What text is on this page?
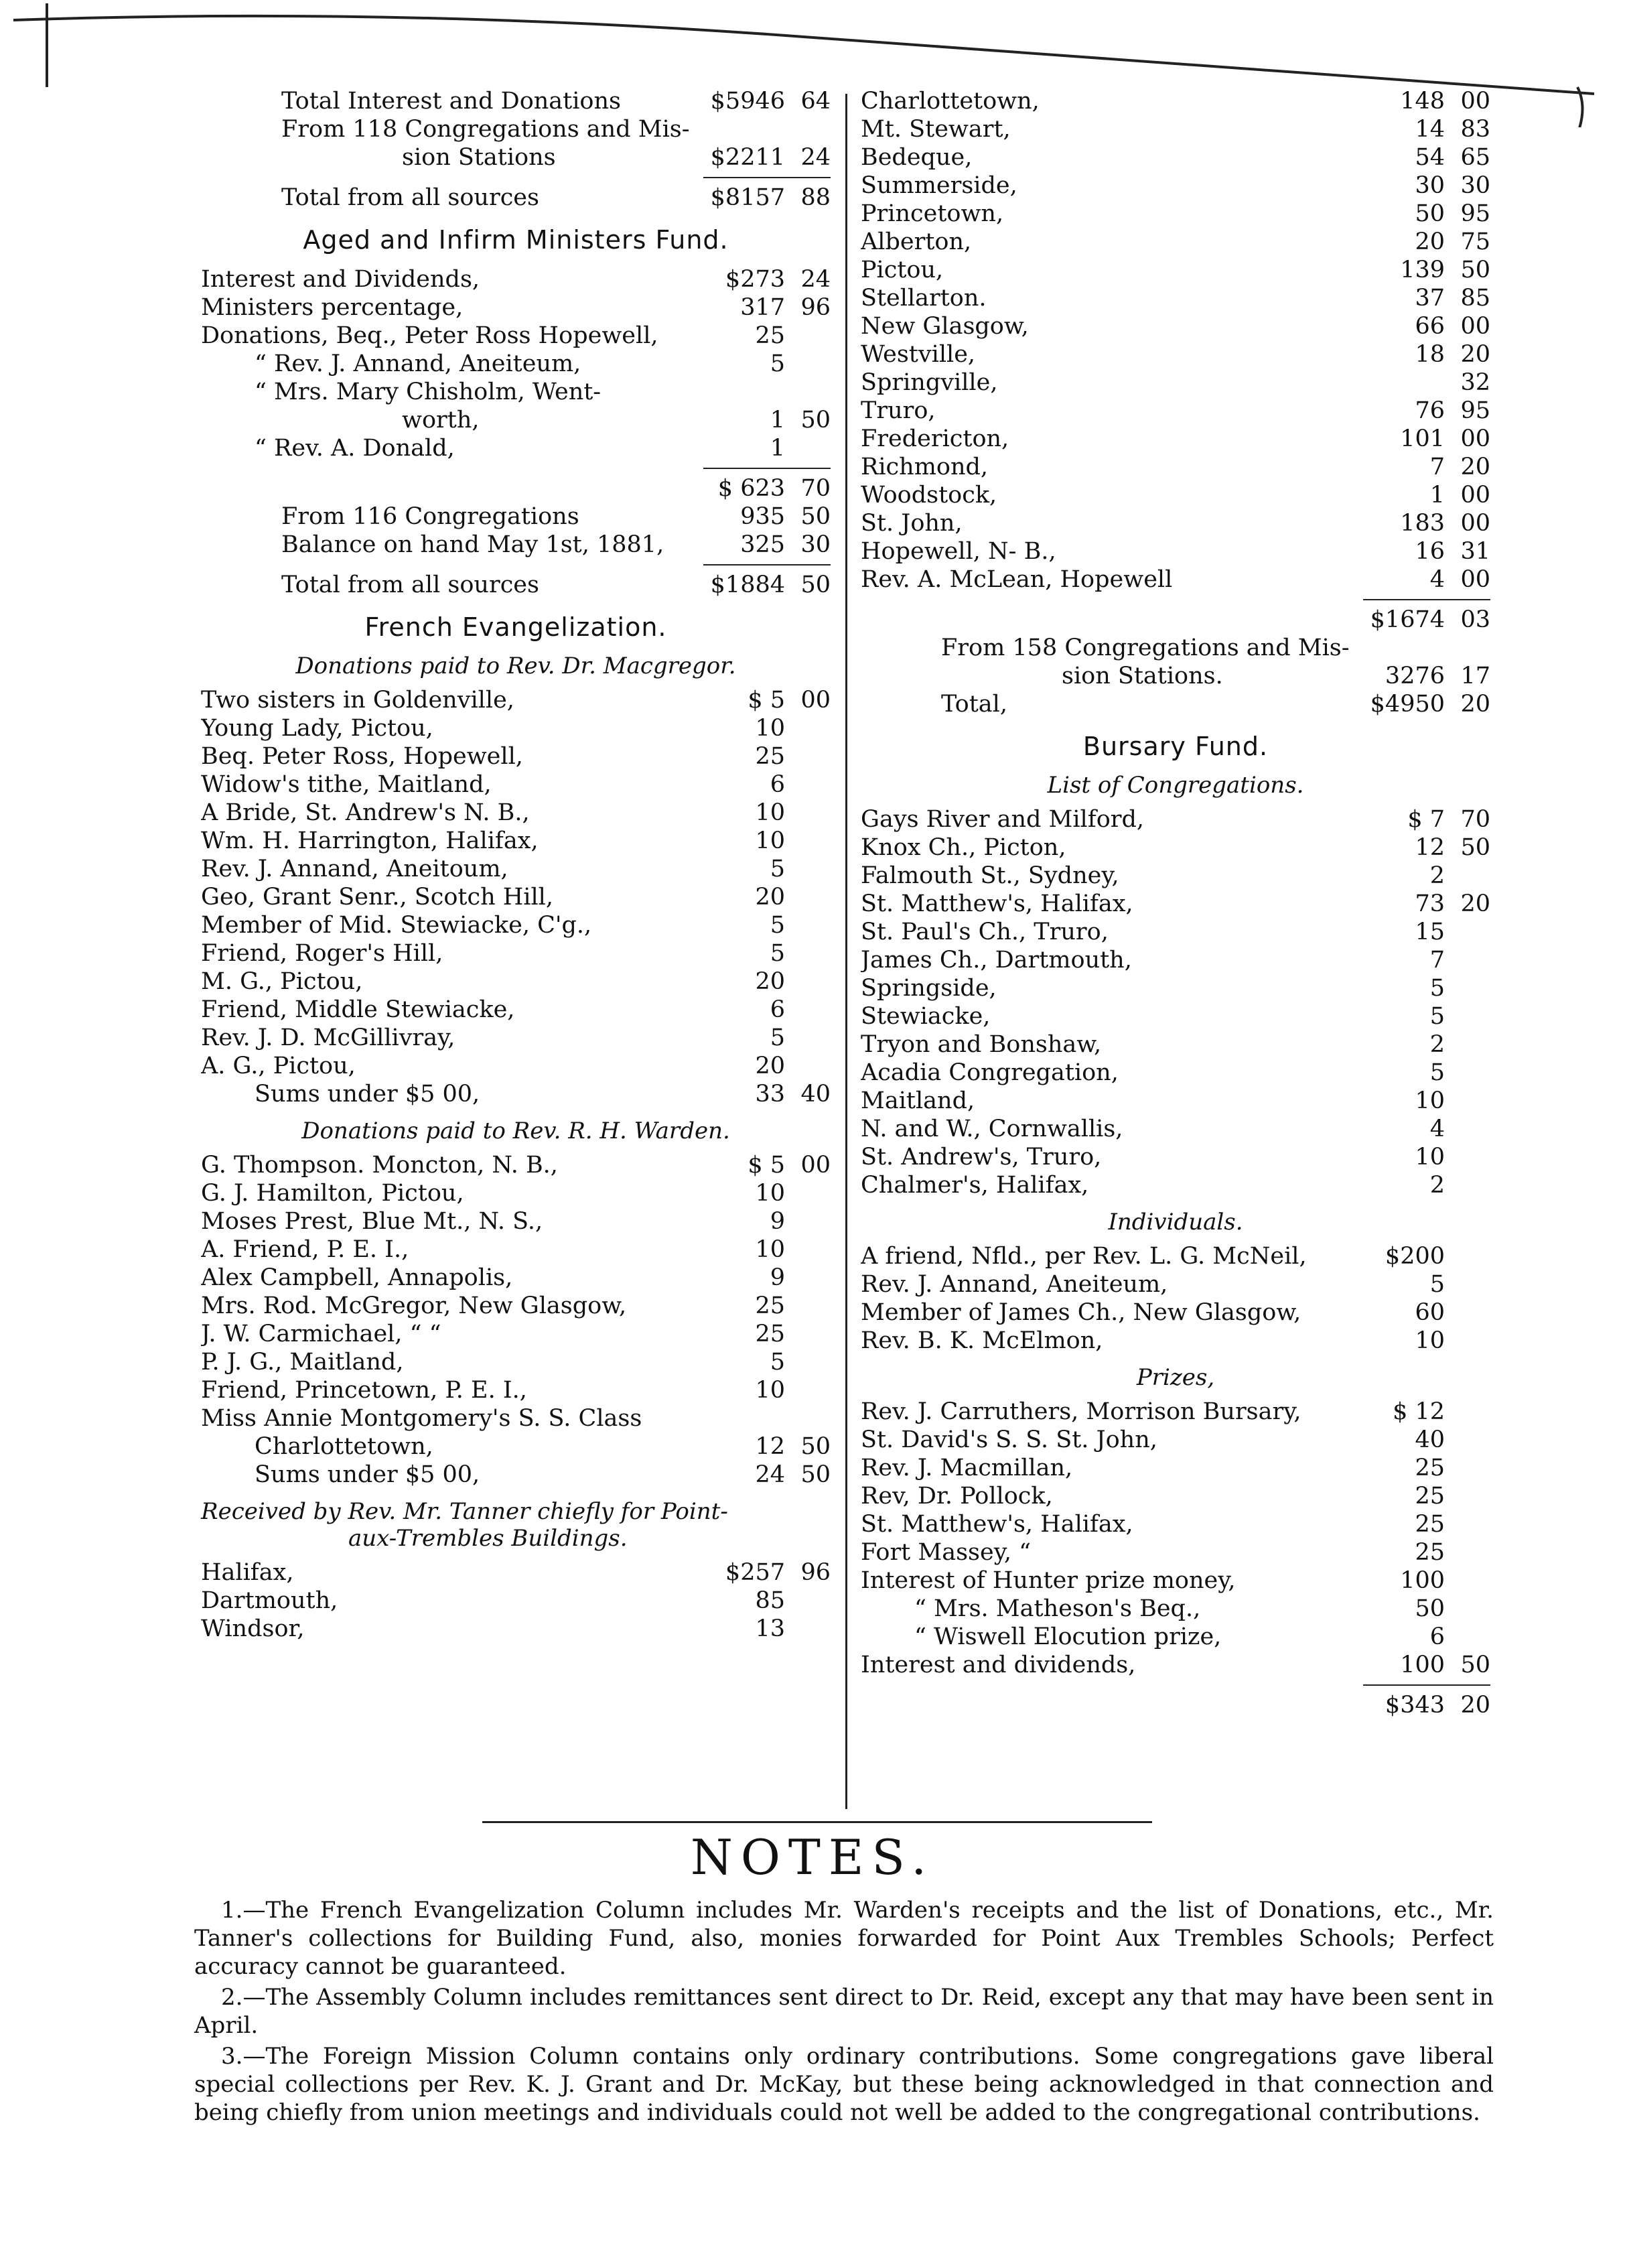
Total Interest and Donations	$5946 64
From 118 Congregations and Mis-
sion Stations	$2211 24
Total from all sources	$8157 88
Aged and Infirm Ministers Fund.
Interest and Dividends,	$273 24
Ministers percentage,	317 96
Donations, Beq., Peter Ross Hopewell,	25
“ Rev. J. Annand, Aneiteum,	5
“ Mrs. Mary Chisholm, Went-
worth,	1 50
“ Rev. A. Donald,	1
$ 623 70
From 116 Congregations	935 50
Balance on hand May 1st, 1881,	325 30
Total from all sources	$1884 50
French Evangelization.
Donations paid to Rev. Dr. Macgregor.
Two sisters in Goldenville,	$ 5 00
Young Lady, Pictou,	10
Beq. Peter Ross, Hopewell,	25
Widow's tithe, Maitland,	6
A Bride, St. Andrew's N. B.,	10
Wm. H. Harrington, Halifax,	10
Rev. J. Annand, Aneitoum,	5
Geo, Grant Senr., Scotch Hill,	20
Member of Mid. Stewiacke, C'g.,	5
Friend, Roger's Hill,	5
M. G., Pictou,	20
Friend, Middle Stewiacke,	6
Rev. J. D. McGillivray,	5
A. G., Pictou,	20
Sums under $5 00,	33 40
Donations paid to Rev. R. H. Warden.
G. Thompson. Moncton, N. B.,	$ 5 00
G. J. Hamilton, Pictou,	10
Moses Prest, Blue Mt., N. S.,	9
A. Friend, P. E. I.,	10
Alex Campbell, Annapolis,	9
Mrs. Rod. McGregor, New Glasgow,	25
J. W. Carmichael, “ “	25
P. J. G., Maitland,	5
Friend, Princetown, P. E. I.,	10
Miss Annie Montgomery's S. S. Class
Charlottetown,	12 50
Sums under $5 00,	24 50
Received by Rev. Mr. Tanner chiefly for Point-
aux-Trembles Buildings.
Halifax,	$257 96
Dartmouth,	85
Windsor,	13
Charlottetown,	148 00
Mt. Stewart,	14 83
Bedeque,	54 65
Summerside,	30 30
Princetown,	50 95
Alberton,	20 75
Pictou,	139 50
Stellarton.	37 85
New Glasgow,	66 00
Westville,	18 20
Springville,	32
Truro,	76 95
Fredericton,	101 00
Richmond,	7 20
Woodstock,	1 00
St. John,	183 00
Hopewell, N- B.,	16 31
Rev. A. McLean, Hopewell	4 00
$1674 03
From 158 Congregations and Mis-
sion Stations.	3276 17
Total,	$4950 20
Bursary Fund.
List of Congregations.
Gays River and Milford,	$ 7 70
Knox Ch., Picton,	12 50
Falmouth St., Sydney,	2
St. Matthew's, Halifax,	73 20
St. Paul's Ch., Truro,	15
James Ch., Dartmouth,	7
Springside,	5
Stewiacke,	5
Tryon and Bonshaw,	2
Acadia Congregation,	5
Maitland,	10
N. and W., Cornwallis,	4
St. Andrew's, Truro,	10
Chalmer's, Halifax,	2
Individuals.
A friend, Nfld., per Rev. L. G. McNeil,	$200
Rev. J. Annand, Aneiteum,	5
Member of James Ch., New Glasgow,	60
Rev. B. K. McElmon,	10
Prizes,
Rev. J. Carruthers, Morrison Bursary,	$ 12
St. David's S. S. St. John,	40
Rev. J. Macmillan,	25
Rev, Dr. Pollock,	25
St. Matthew's, Halifax,	25
Fort Massey, “	25
Interest of Hunter prize money,	100
“ Mrs. Matheson's Beq.,	50
“ Wiswell Elocution prize,	6
Interest and dividends,	100 50
$343 20
NOTES.

1.—The French Evangelization Column includes Mr. Warden's receipts and the list of Donations, etc., Mr. Tanner's collections for Building Fund, also, monies forwarded for Point Aux Trembles Schools; Perfect accuracy cannot be guaranteed.

2.—The Assembly Column includes remittances sent direct to Dr. Reid, except any that may have been sent in April.

3.—The Foreign Mission Column contains only ordinary contributions. Some congregations gave liberal special collections per Rev. K. J. Grant and Dr. McKay, but these being acknowledged in that connection and being chiefly from union meetings and individuals could not well be added to the congregational contributions.
